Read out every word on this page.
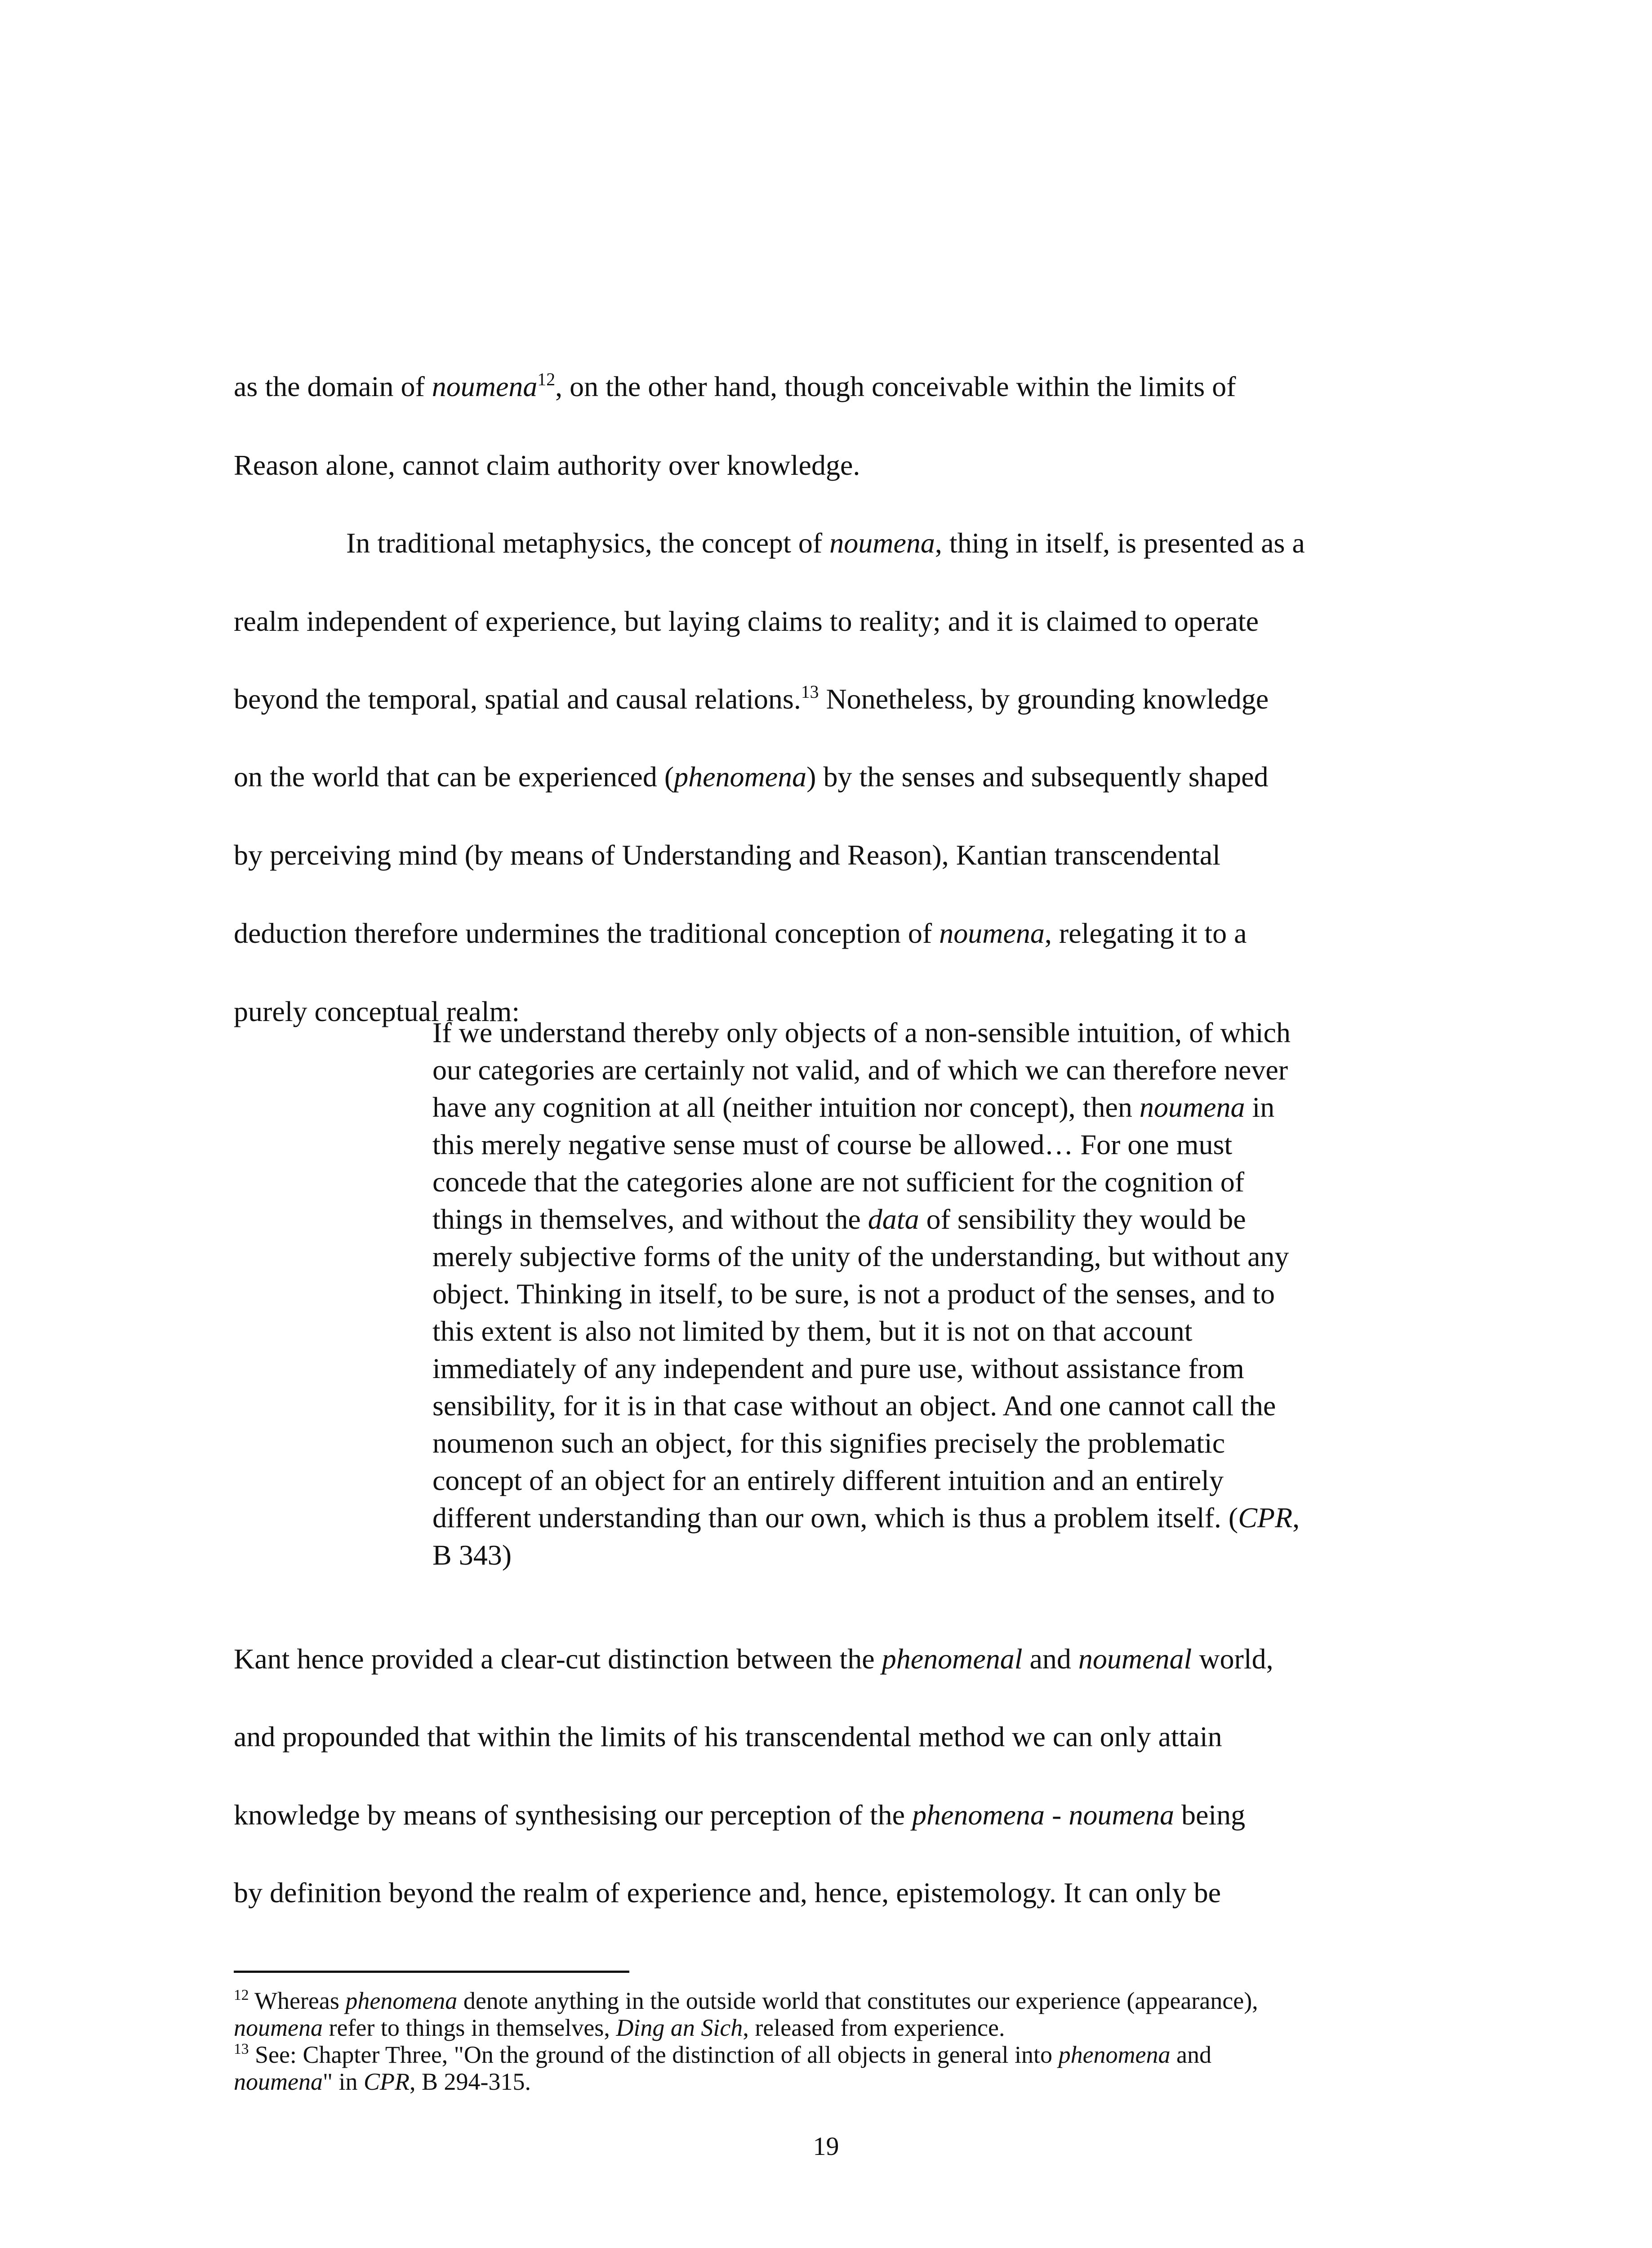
as the domain of noumena$^{12}$, on the other hand, though conceivable within the limits of
Reason alone, cannot claim authority over knowledge.
In traditional metaphysics, the concept of noumena, thing in itself, is presented as a
realm independent of experience, but laying claims to reality; and it is claimed to operate
beyond the temporal, spatial and causal relations.$^{13}$ Nonetheless, by grounding knowledge
on the world that can be experienced (phenomena) by the senses and subsequently shaped
by perceiving mind (by means of Understanding and Reason), Kantian transcendental
deduction therefore undermines the traditional conception of noumena, relegating it to a
purely conceptual realm:
If we understand thereby only objects of a non-sensible intuition, of which
our categories are certainly not valid, and of which we can therefore never
have any cognition at all (neither intuition nor concept), then noumena in
this merely negative sense must of course be allowed… For one must
concede that the categories alone are not sufficient for the cognition of
things in themselves, and without the data of sensibility they would be
merely subjective forms of the unity of the understanding, but without any
object. Thinking in itself, to be sure, is not a product of the senses, and to
this extent is also not limited by them, but it is not on that account
immediately of any independent and pure use, without assistance from
sensibility, for it is in that case without an object. And one cannot call the
noumenon such an object, for this signifies precisely the problematic
concept of an object for an entirely different intuition and an entirely
different understanding than our own, which is thus a problem itself. (CPR,
B 343)
Kant hence provided a clear-cut distinction between the phenomenal and noumenal world,
and propounded that within the limits of his transcendental method we can only attain
knowledge by means of synthesising our perception of the phenomena - noumena being
by definition beyond the realm of experience and, hence, epistemology. It can only be
$^{12}$ Whereas phenomena denote anything in the outside world that constitutes our experience (appearance),
noumena refer to things in themselves, Ding an Sich, released from experience.
$^{13}$ See: Chapter Three, "On the ground of the distinction of all objects in general into phenomena and
noumena" in CPR, B 294-315.
19
